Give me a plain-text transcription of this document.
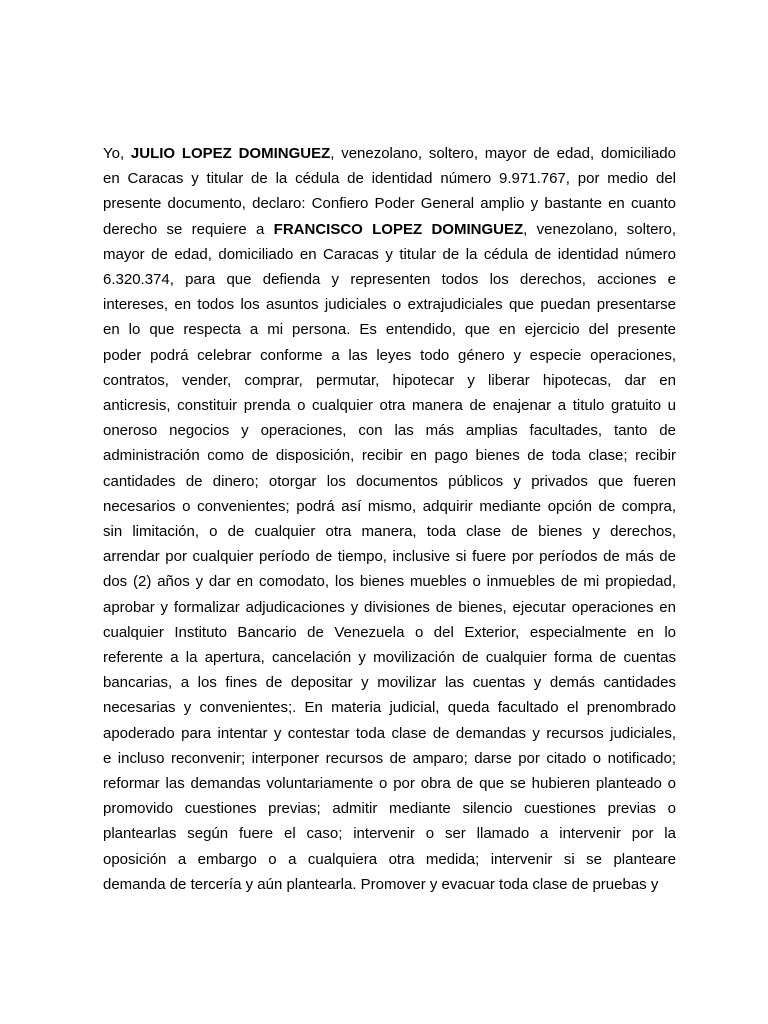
Yo, JULIO LOPEZ DOMINGUEZ, venezolano, soltero, mayor de edad, domiciliado
en Caracas y titular de la cédula de identidad número 9.971.767, por medio del
presente documento, declaro: Confiero Poder General amplio y bastante en cuanto
derecho se requiere a FRANCISCO LOPEZ DOMINGUEZ, venezolano, soltero,
mayor de edad, domiciliado en Caracas y titular de la cédula de identidad número
6.320.374, para que defienda y representen todos los derechos, acciones e
intereses, en todos los asuntos judiciales o extrajudiciales que puedan presentarse
en lo que respecta a mi persona. Es entendido, que en ejercicio del presente
poder podrá celebrar conforme a las leyes todo género y especie operaciones,
contratos, vender, comprar, permutar, hipotecar y liberar hipotecas, dar en
anticresis, constituir prenda o cualquier otra manera de enajenar a titulo gratuito u
oneroso negocios y operaciones, con las más amplias facultades, tanto de
administración como de disposición, recibir en pago bienes de toda clase; recibir
cantidades de dinero; otorgar los documentos públicos y privados que fueren
necesarios o convenientes; podrá así mismo, adquirir mediante opción de compra,
sin limitación, o de cualquier otra manera, toda clase de bienes y derechos,
arrendar por cualquier período de tiempo, inclusive si fuere por períodos de más de
dos (2) años y dar en comodato, los bienes muebles o inmuebles de mi propiedad,
aprobar y formalizar adjudicaciones y divisiones de bienes, ejecutar operaciones en
cualquier Instituto Bancario de Venezuela o del Exterior, especialmente en lo
referente a la apertura, cancelación y movilización de cualquier forma de cuentas
bancarias, a los fines de depositar y movilizar las cuentas y demás cantidades
necesarias y convenientes;. En materia judicial, queda facultado el prenombrado
apoderado para intentar y contestar toda clase de demandas y recursos judiciales,
e incluso reconvenir; interponer recursos de amparo; darse por citado o notificado;
reformar las demandas voluntariamente o por obra de que se hubieren planteado o
promovido cuestiones previas; admitir mediante silencio cuestiones previas o
plantearlas según fuere el caso; intervenir o ser llamado a intervenir por la
oposición a embargo o a cualquiera otra medida; intervenir si se planteare
demanda de tercería y aún plantearla. Promover y evacuar toda clase de pruebas y
